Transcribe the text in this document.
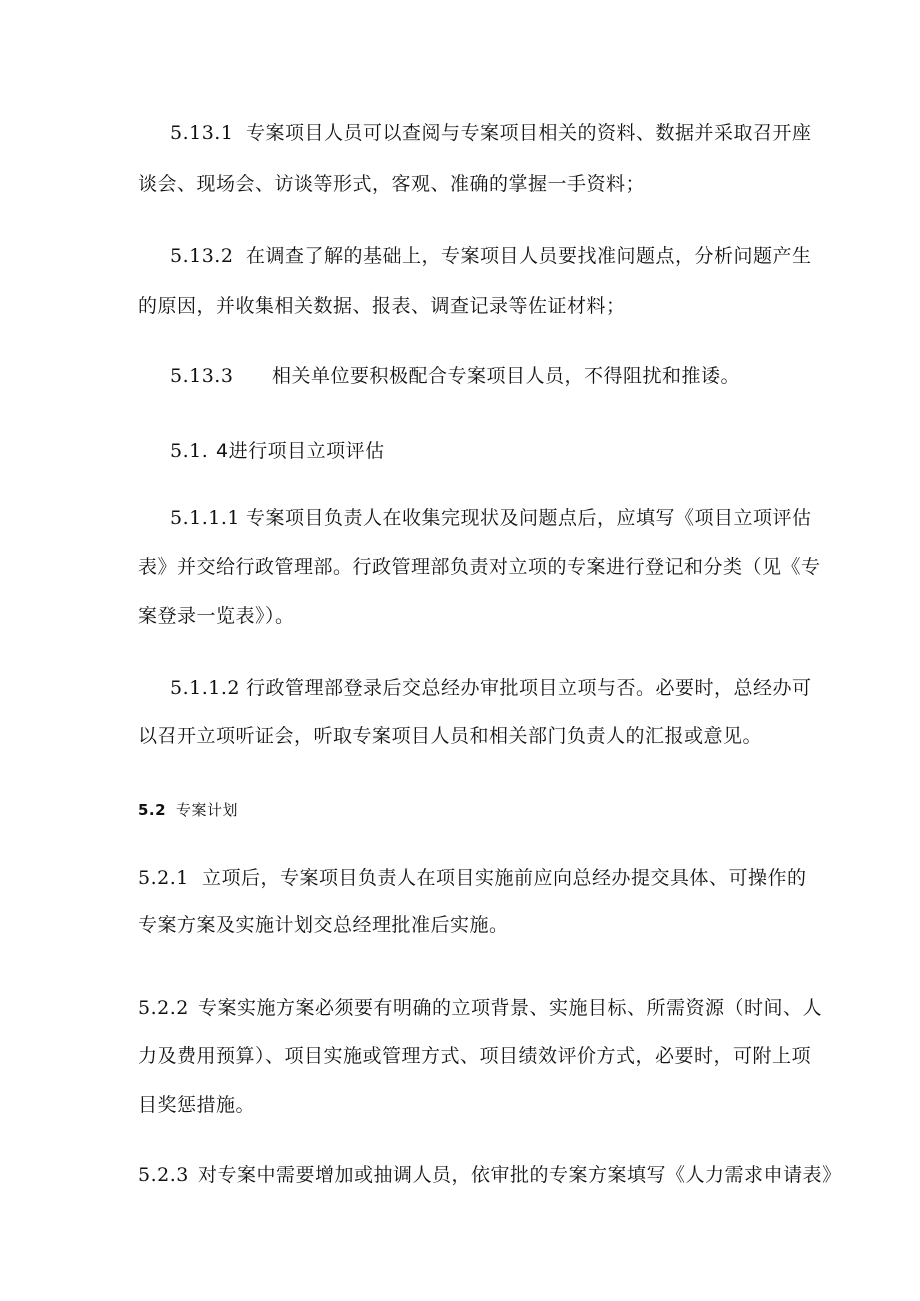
5.13.1 专案项目人员可以查阅与专案项目相关的资料、数据并采取召开座
谈会、现场会、访谈等形式，客观、准确的掌握一手资料；
5.13.2 在调查了解的基础上，专案项目人员要找准问题点，分析问题产生
的原因，并收集相关数据、报表、调查记录等佐证材料；
5.13.3 相关单位要积极配合专案项目人员，不得阻扰和推诿。
5.1. 4进行项目立项评估
5.1.1.1 专案项目负责人在收集完现状及问题点后，应填写《项目立项评估
表》并交给行政管理部。行政管理部负责对立项的专案进行登记和分类（见《专
案登录一览表》）。
5.1.1.2 行政管理部登录后交总经办审批项目立项与否。必要时，总经办可
以召开立项听证会，听取专案项目人员和相关部门负责人的汇报或意见。
5.2 专案计划
5.2.1 立项后，专案项目负责人在项目实施前应向总经办提交具体、可操作的
专案方案及实施计划交总经理批准后实施。
5.2.2 专案实施方案必须要有明确的立项背景、实施目标、所需资源（时间、人
力及费用预算）、项目实施或管理方式、项目绩效评价方式，必要时，可附上项
目奖惩措施。
5.2.3 对专案中需要增加或抽调人员，依审批的专案方案填写《人力需求申请表》
